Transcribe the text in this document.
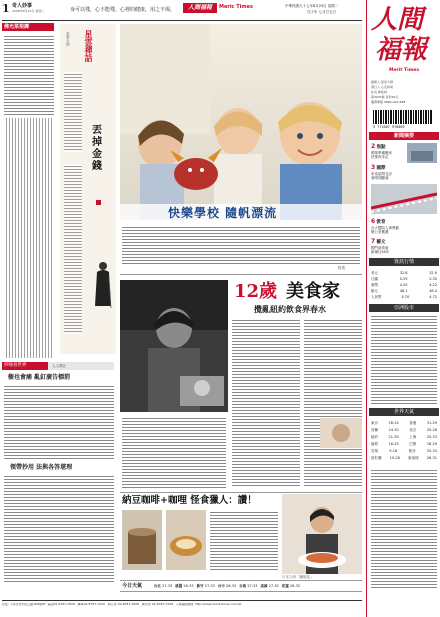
1 奇人妙事
2008年8月24日 星期二	身可以殘，心不能殘，心裡的健康，用之不竭。	人間福報	Meric Times	中華民國九十七年8月25日 星期二
戊子年 七月廿五日
佛光菜根譚
星雲禪話
星雲大師
丟掉金錢
妙喻看世界	人人間社
樹也會痛 亂釘廣告標罰
領帶抄用 法與各答堪理
快樂學校 隨帆漂流
路透
12歲 美食家
攪亂紐約飲食界春水
納豆咖啡+咖哩 怪食獵人：讚！
日本九州「鐵炮花」
今日天氣	台北 27-33 桃園 26-33 新竹 27-33 台中 26-33 台南 27-33 高雄 27-32 花蓮 26-32
社址：(1)台北市松江路168號6F ‧電話02-8787-7828 ‧ 傳真02-8787-7200 ‧ 發行部 02-8787-7828 ‧ 廣告部 02-8787-7208 ‧ 人間福報網址 http://www.merit-times.com.tw
人間
福報
Merit Times
創辦人 星雲大師
發行人 心定和尚
社長 柴松林
第3097號 每份10元
服務專線 0800-007-838
9 771607 978009
新聞摘要
2 焦點
國軍準備搬家
決策尚未定
3 國際
布希訪問北京
會晤胡錦濤
6 教育
台大醫院人事異動
辦公室搬遷
7 藝文
國門演奏會
新埔仕50年
資訊行情
美元	32.8	32.9
日圓	0.29	0.30
港幣	4.20	4.22
歐元	48.1	48.4
人民幣	4.70	4.72
亞洲股市
世界天氣
東京	26-34	香港	31-29
首爾	24-30	北京	20-28
紐約	21-30	上海	25-33
倫敦	16-25	巴黎	18-29
雪梨	9-18	曼谷	25-34
洛杉磯 19-28 新加坡 26-31
